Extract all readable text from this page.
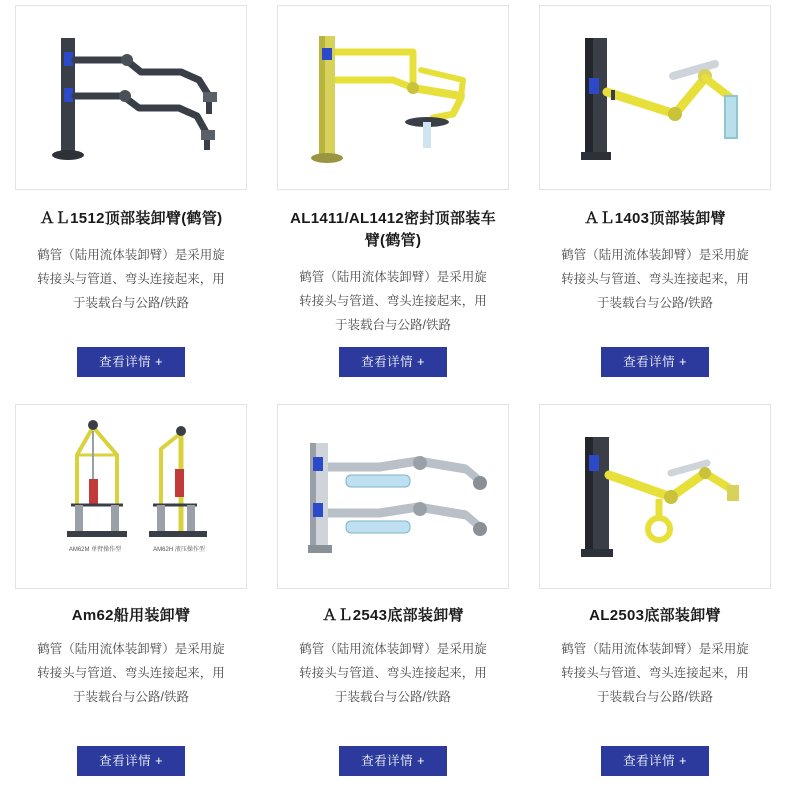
ＡＬ1512顶部装卸臂(鹤管)
鹤管（陆用流体装卸臂）是采用旋转接头与管道、弯头连接起来，用于装载台与公路/铁路
查看详情 +
AL1411/AL1412密封顶部装车臂(鹤管)
鹤管（陆用流体装卸臂）是采用旋转接头与管道、弯头连接起来，用于装载台与公路/铁路
查看详情 +
ＡＬ1403顶部装卸臂
鹤管（陆用流体装卸臂）是采用旋转接头与管道、弯头连接起来，用于装载台与公路/铁路
查看详情 +
AM62M 单臂操作型	AM62H 液压操作型
Am62船用装卸臂
鹤管（陆用流体装卸臂）是采用旋转接头与管道、弯头连接起来，用于装载台与公路/铁路
查看详情 +
ＡＬ2543底部装卸臂
鹤管（陆用流体装卸臂）是采用旋转接头与管道、弯头连接起来，用于装载台与公路/铁路
查看详情 +
AL2503底部装卸臂
鹤管（陆用流体装卸臂）是采用旋转接头与管道、弯头连接起来，用于装载台与公路/铁路
查看详情 +
